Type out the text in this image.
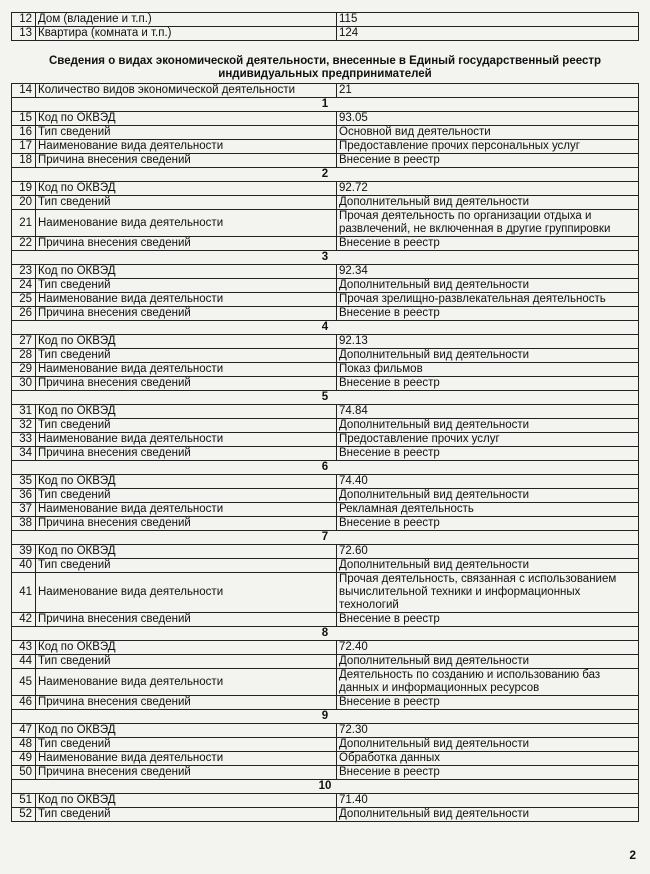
12	Дом (владение и т.п.)	115
13	Квартира (комната и т.п.)	124
Сведения о видах экономической деятельности, внесенные в Единый государственный реестр индивидуальных предпринимателей
14	Количество видов экономической деятельности	21
1		
15	Код по ОКВЭД	93.05
16	Тип сведений	Основной вид деятельности
17	Наименование вида деятельности	Предоставление прочих персональных услуг
18	Причина внесения сведений	Внесение в реестр
2		
19	Код по ОКВЭД	92.72
20	Тип сведений	Дополнительный вид деятельности
21	Наименование вида деятельности	Прочая деятельность по организации отдыха и развлечений, не включенная в другие группировки
22	Причина внесения сведений	Внесение в реестр
3		
23	Код по ОКВЭД	92.34
24	Тип сведений	Дополнительный вид деятельности
25	Наименование вида деятельности	Прочая зрелищно-развлекательная деятельность
26	Причина внесения сведений	Внесение в реестр
4		
27	Код по ОКВЭД	92.13
28	Тип сведений	Дополнительный вид деятельности
29	Наименование вида деятельности	Показ фильмов
30	Причина внесения сведений	Внесение в реестр
5		
31	Код по ОКВЭД	74.84
32	Тип сведений	Дополнительный вид деятельности
33	Наименование вида деятельности	Предоставление прочих услуг
34	Причина внесения сведений	Внесение в реестр
6		
35	Код по ОКВЭД	74.40
36	Тип сведений	Дополнительный вид деятельности
37	Наименование вида деятельности	Рекламная деятельность
38	Причина внесения сведений	Внесение в реестр
7		
39	Код по ОКВЭД	72.60
40	Тип сведений	Дополнительный вид деятельности
41	Наименование вида деятельности	Прочая деятельность, связанная с использованием вычислительной техники и информационных технологий
42	Причина внесения сведений	Внесение в реестр
8		
43	Код по ОКВЭД	72.40
44	Тип сведений	Дополнительный вид деятельности
45	Наименование вида деятельности	Деятельность по созданию и использованию баз данных и информационных ресурсов
46	Причина внесения сведений	Внесение в реестр
9		
47	Код по ОКВЭД	72.30
48	Тип сведений	Дополнительный вид деятельности
49	Наименование вида деятельности	Обработка данных
50	Причина внесения сведений	Внесение в реестр
10		
51	Код по ОКВЭД	71.40
52	Тип сведений	Дополнительный вид деятельности
2
